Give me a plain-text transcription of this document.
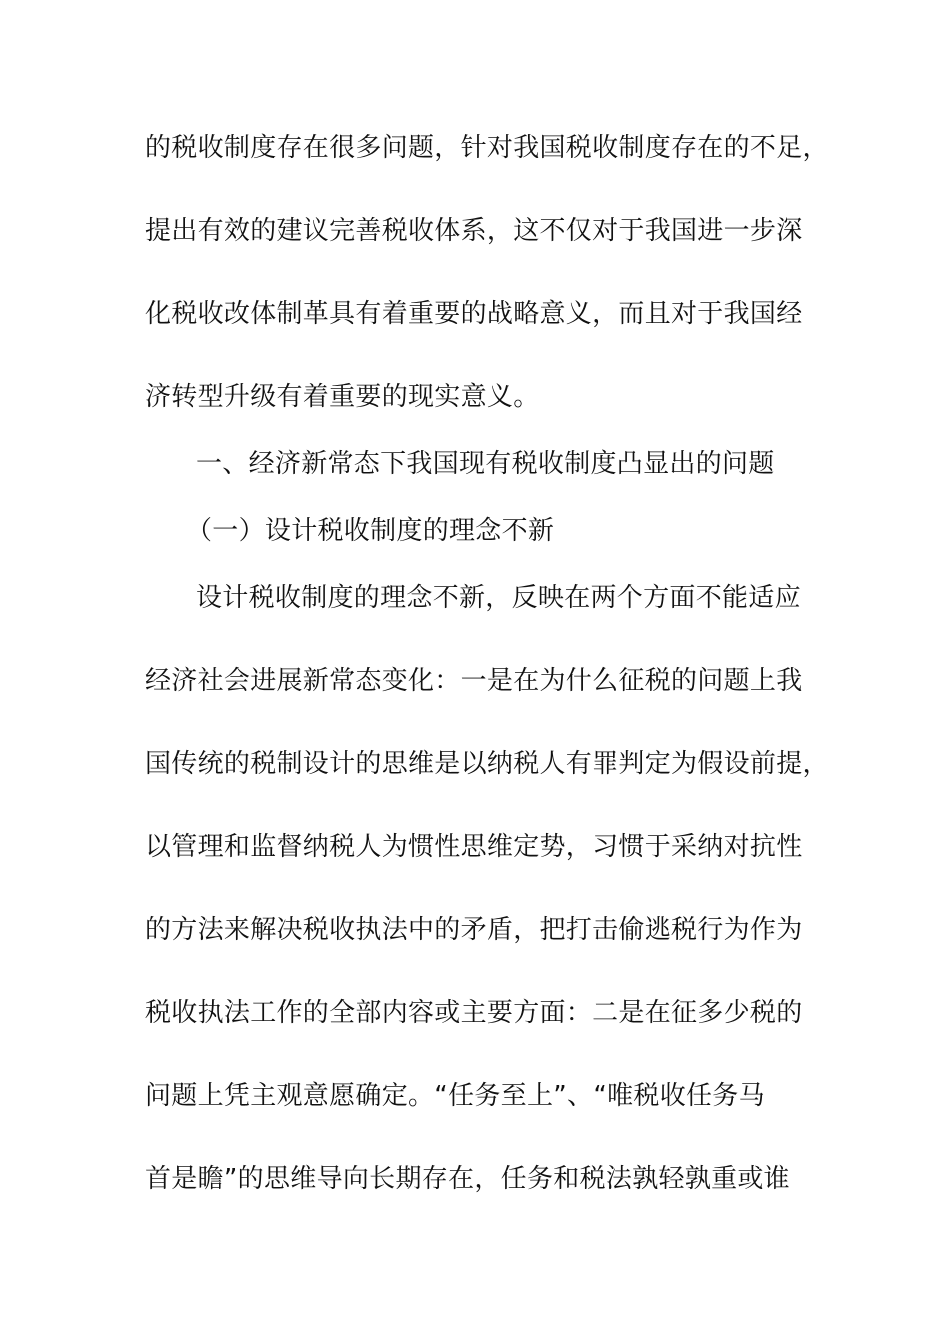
的税收制度存在很多问题，针对我国税收制度存在的不足，
提出有效的建议完善税收体系，这不仅对于我国进一步深
化税收改体制革具有着重要的战略意义，而且对于我国经
济转型升级有着重要的现实意义。
一、经济新常态下我国现有税收制度凸显出的问题
（一）设计税收制度的理念不新
设计税收制度的理念不新，反映在两个方面不能适应
经济社会进展新常态变化：一是在为什么征税的问题上我
国传统的税制设计的思维是以纳税人有罪判定为假设前提，
以管理和监督纳税人为惯性思维定势，习惯于采纳对抗性
的方法来解决税收执法中的矛盾，把打击偷逃税行为作为
税收执法工作的全部内容或主要方面：二是在征多少税的
问题上凭主观意愿确定。“任务至上”、“唯税收任务马
首是瞻”的思维导向长期存在，任务和税法孰轻孰重或谁
